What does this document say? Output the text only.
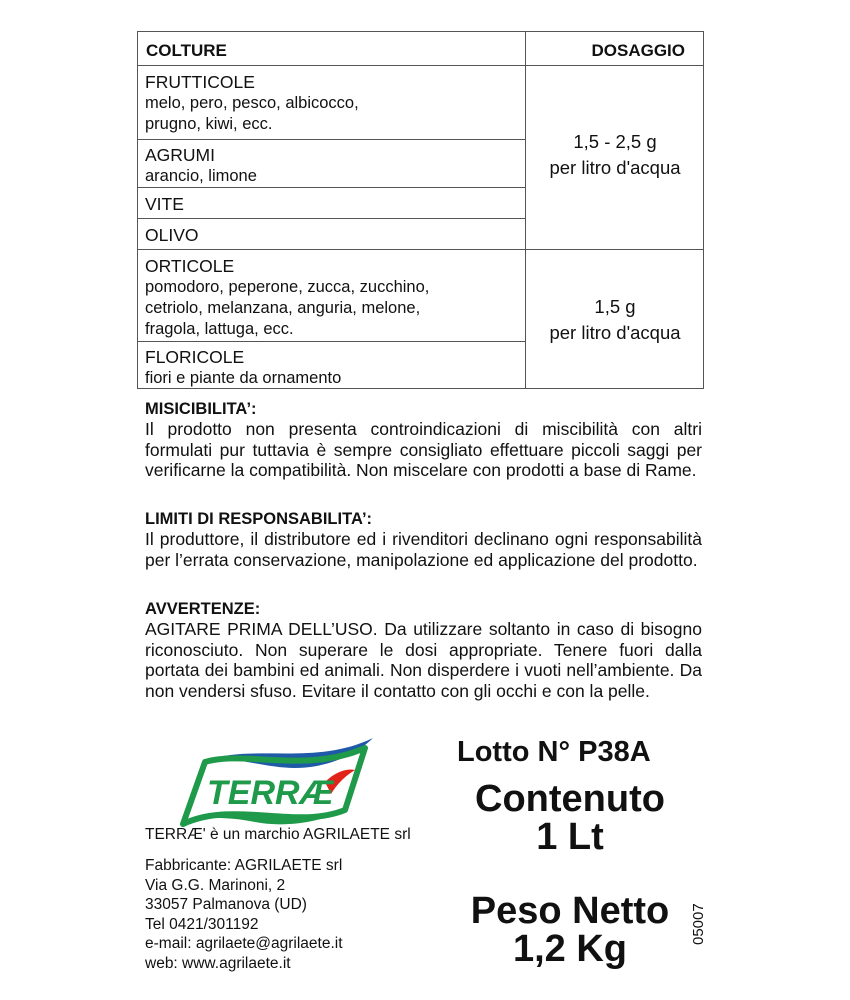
COLTURE	DOSAGGIO
FRUTTICOLE
melo, pero, pesco, albicocco,
prugno, kiwi, ecc.
AGRUMI
arancio, limone
VITE
OLIVO
ORTICOLE
pomodoro, peperone, zucca, zucchino,
cetriolo, melanzana, anguria, melone,
fragola, lattuga, ecc.
FLORICOLE
fiori e piante da ornamento
1,5 - 2,5 g
per litro d'acqua
1,5 g
per litro d'acqua
MISICIBILITA’:
Il prodotto non presenta controindicazioni di miscibilità con altri formulati pur tuttavia è sempre consigliato effettuare piccoli saggi per verificarne la compatibilità. Non miscelare con prodotti a base di Rame.
LIMITI DI RESPONSABILITA’:
Il produttore, il distributore ed i rivenditori declinano ogni responsabilità per l’errata conservazione, manipolazione ed applicazione del prodotto.
AVVERTENZE:
AGITARE PRIMA DELL’USO. Da utilizzare soltanto in caso di bisogno riconosciuto. Non superare le dosi appropriate. Tenere fuori dalla portata dei bambini ed animali. Non disperdere i vuoti nell’ambiente. Da non vendersi sfuso. Evitare il contatto con gli occhi e con la pelle.
TERRÆ
TERRÆ' è un marchio AGRILAETE srl
Fabbricante: AGRILAETE srl
Via G.G. Marinoni, 2
33057 Palmanova (UD)
Tel 0421/301192
e-mail: agrilaete@agrilaete.it
web: www.agrilaete.it
Lotto N° P38A
Contenuto
1 Lt
Peso Netto
1,2 Kg
05007
